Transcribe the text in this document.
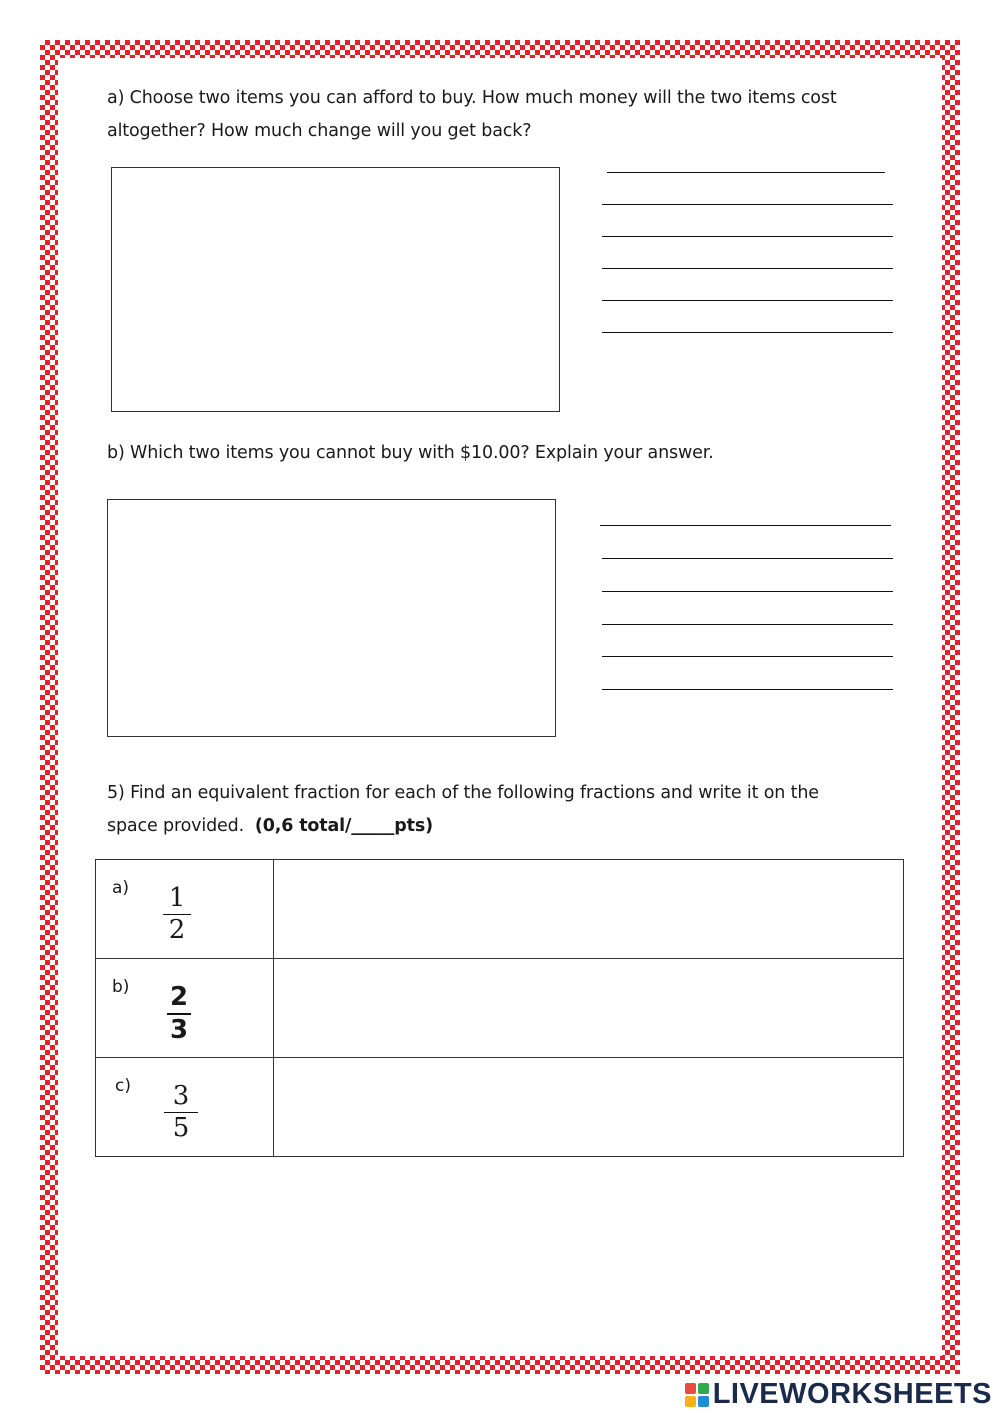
a) Choose two items you can afford to buy. How much money will the two items cost

altogether? How much change will you get back?

b) Which two items you cannot buy with $10.00? Explain your answer.

5) Find an equivalent fraction for each of the following fractions and write it on the

space provided. (0,6 total/_____pts)

a) 1
2	

b) 2
3	

c) 3
5	

LIVEWORKSHEETS
